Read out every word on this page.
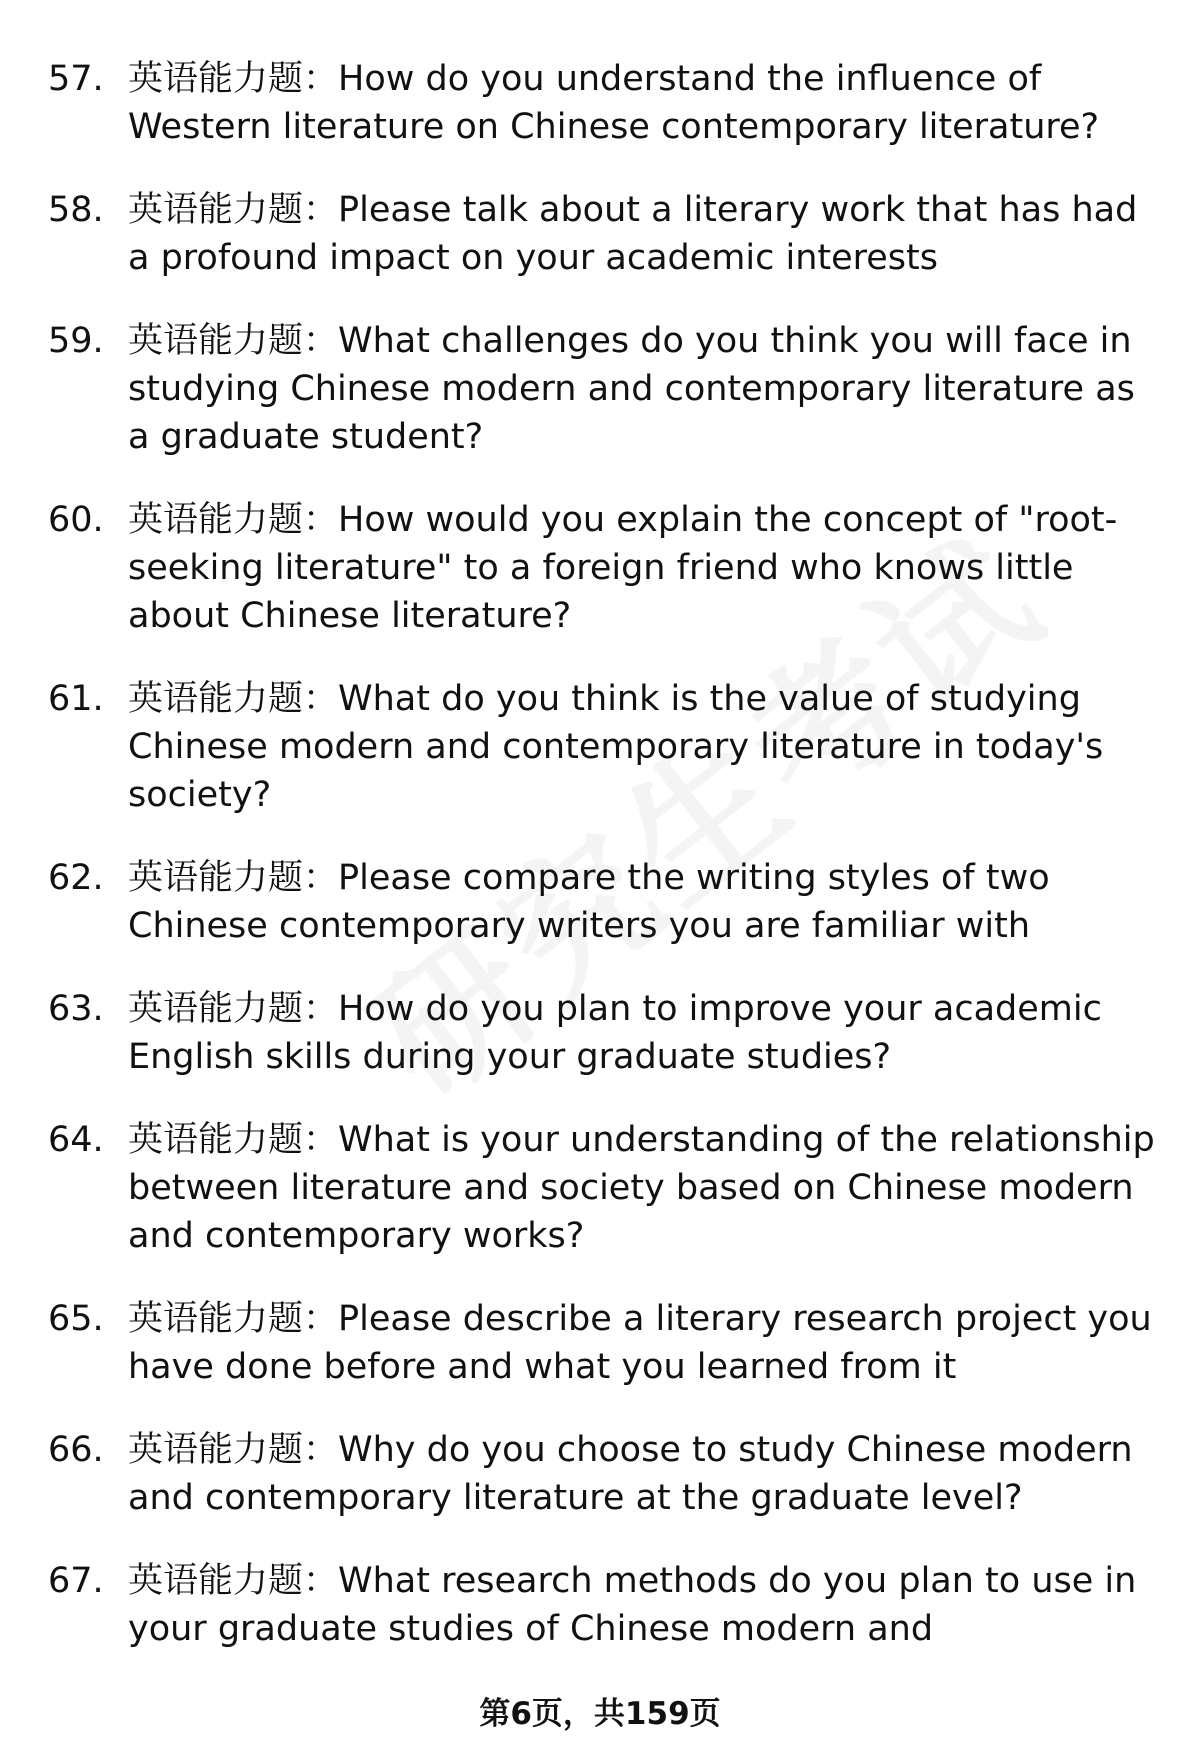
57. 英语能力题：How do you understand the influence of Western literature on Chinese contemporary literature?
58. 英语能力题：Please talk about a literary work that has had a profound impact on your academic interests
59. 英语能力题：What challenges do you think you will face in studying Chinese modern and contemporary literature as a graduate student?
60. 英语能力题：How would you explain the concept of "root-seeking literature" to a foreign friend who knows little about Chinese literature?
61. 英语能力题：What do you think is the value of studying Chinese modern and contemporary literature in today's society?
62. 英语能力题：Please compare the writing styles of two Chinese contemporary writers you are familiar with
63. 英语能力题：How do you plan to improve your academic English skills during your graduate studies?
64. 英语能力题：What is your understanding of the relationship between literature and society based on Chinese modern and contemporary works?
65. 英语能力题：Please describe a literary research project you have done before and what you learned from it
66. 英语能力题：Why do you choose to study Chinese modern and contemporary literature at the graduate level?
67. 英语能力题：What research methods do you plan to use in your graduate studies of Chinese modern and
第6页，共159页
